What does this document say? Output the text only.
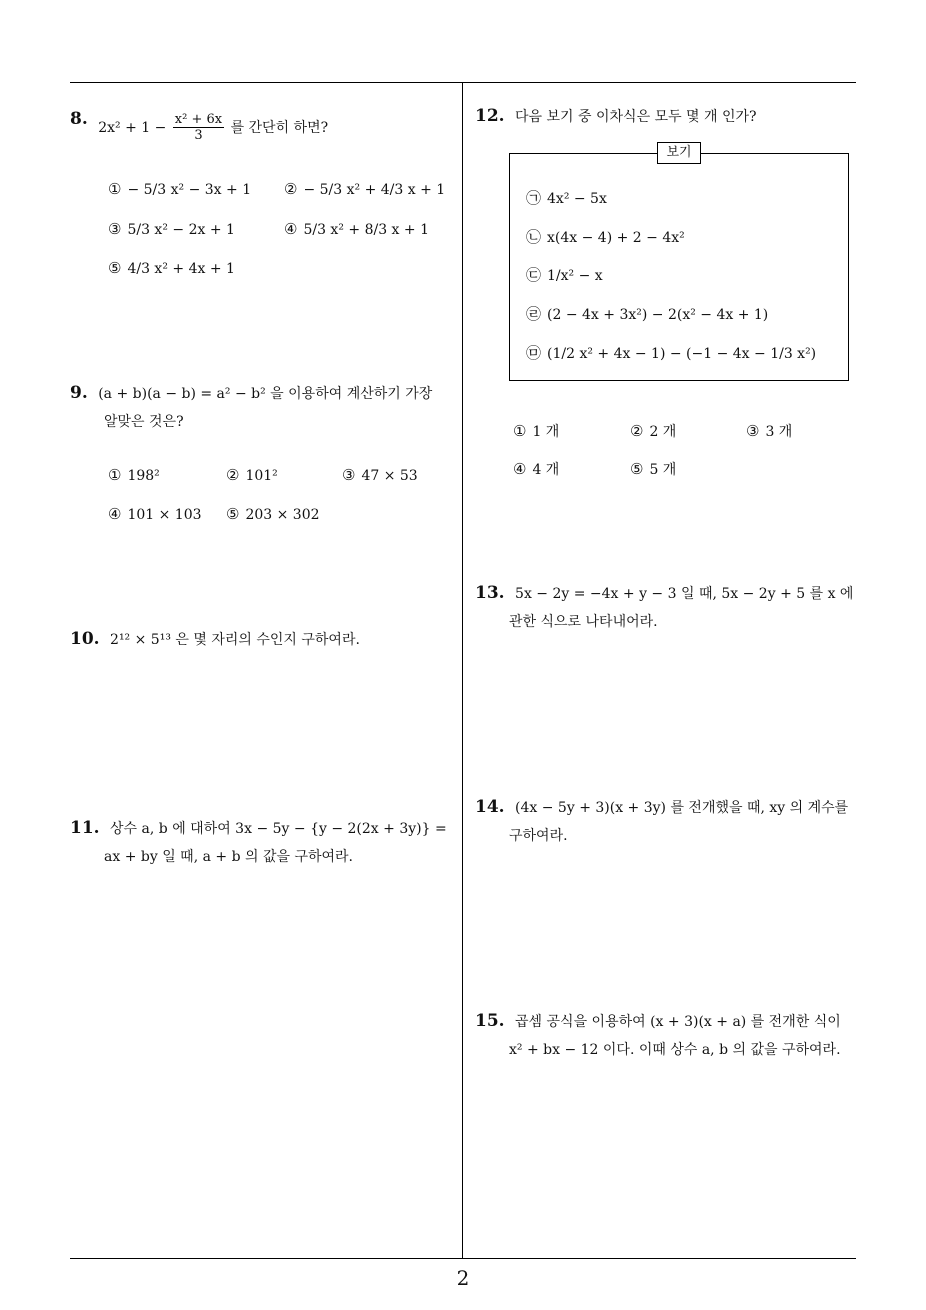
8. $2x^2 + 1 - \frac{\text{x² + 6x}}{3}$ 를 간단히 하면?
① − 5/3 x² − 3x + 1 ② − 5/3 x² + 4/3 x + 1
③ 5/3 x² − 2x + 1	④ 5/3 x² + 8/3 x + 1
⑤ 4/3 x² + 4x + 1
9. (a + b)(a − b) = a² − b² 을 이용하여 계산하기 가장
알맞은 것은?
① 198²	② 101²	③ 47 × 53
④ 101 × 103 ⑤ 203 × 302
10. 2¹² × 5¹³ 은 몇 자리의 수인지 구하여라.
11. 상수 a, b 에 대하여 3x − 5y − {y − 2(2x + 3y)} =
ax + by 일 때, a + b 의 값을 구하여라.
12. 다음 보기 중 이차식은 모두 몇 개 인가?
보기
㉠ 4x² − 5x
㉡ x(4x − 4) + 2 − 4x²
㉢ 1/x² − x
㉣ (2 − 4x + 3x²) − 2(x² − 4x + 1)
㉤ (1/2 x² + 4x − 1) − (−1 − 4x − 1/3 x²)
① 1 개	② 2 개	③ 3 개
④ 4 개	⑤ 5 개
13. 5x − 2y = −4x + y − 3 일 때, 5x − 2y + 5 를 x 에
관한 식으로 나타내어라.
14. (4x − 5y + 3)(x + 3y) 를 전개했을 때, xy 의 계수를
구하여라.
15. 곱셈 공식을 이용하여 (x + 3)(x + a) 를 전개한 식이
x² + bx − 12 이다. 이때 상수 a, b 의 값을 구하여라.
2
